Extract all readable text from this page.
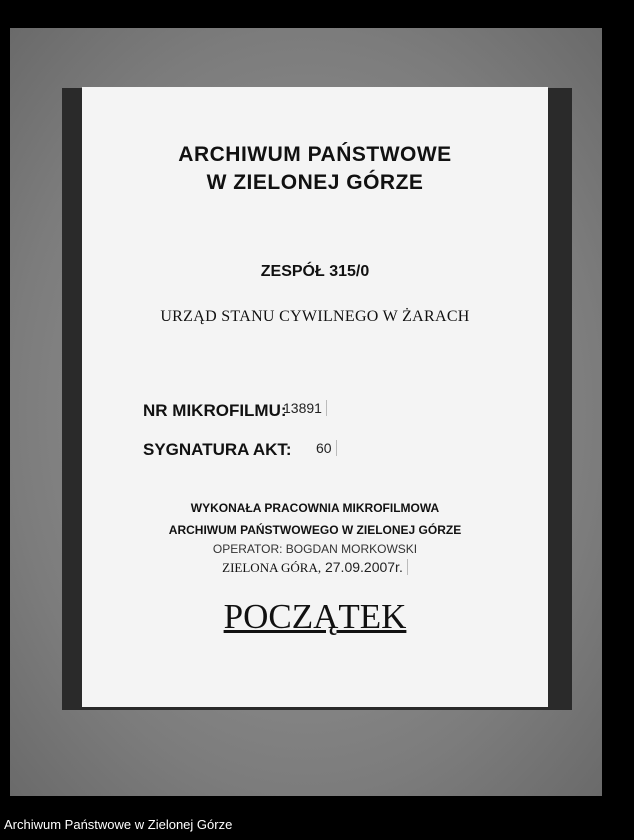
ARCHIWUM PAŃSTWOWE
W ZIELONEJ GÓRZE
ZESPÓŁ 315/0
URZĄD STANU CYWILNEGO W ŻARACH
NR MIKROFILMU:
13891
SYGNATURA AKT: 60
WYKONAŁA PRACOWNIA MIKROFILMOWA
ARCHIWUM PAŃSTWOWEGO W ZIELONEJ GÓRZE
OPERATOR: BOGDAN MORKOWSKI
ZIELONA GÓRA, 27.09.2007r.
POCZĄTEK
Archiwum Państwowe w Zielonej Górze
